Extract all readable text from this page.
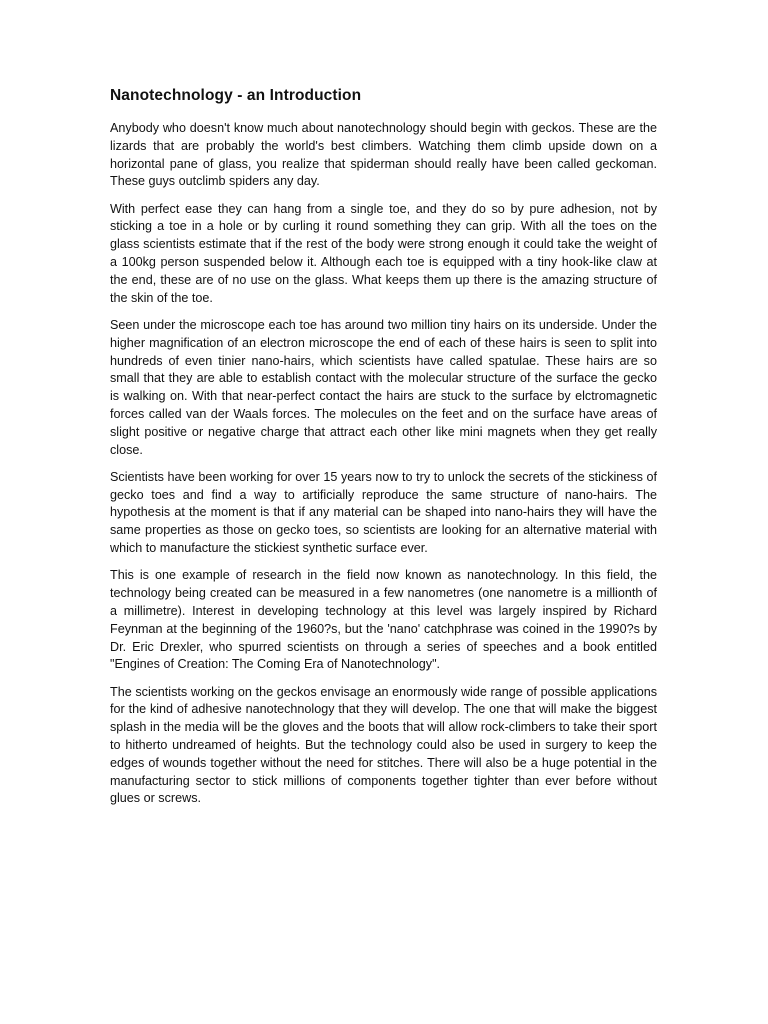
Nanotechnology - an Introduction

Anybody who doesn't know much about nanotechnology should begin with geckos. These are the lizards that are probably the world's best climbers. Watching them climb upside down on a horizontal pane of glass, you realize that spiderman should really have been called geckoman. These guys outclimb spiders any day.

With perfect ease they can hang from a single toe, and they do so by pure adhesion, not by sticking a toe in a hole or by curling it round something they can grip. With all the toes on the glass scientists estimate that if the rest of the body were strong enough it could take the weight of a 100kg person suspended below it. Although each toe is equipped with a tiny hook-like claw at the end, these are of no use on the glass. What keeps them up there is the amazing structure of the skin of the toe.

Seen under the microscope each toe has around two million tiny hairs on its underside. Under the higher magnification of an electron microscope the end of each of these hairs is seen to split into hundreds of even tinier nano-hairs, which scientists have called spatulae. These hairs are so small that they are able to establish contact with the molecular structure of the surface the gecko is walking on. With that near-perfect contact the hairs are stuck to the surface by elctromagnetic forces called van der Waals forces. The molecules on the feet and on the surface have areas of slight positive or negative charge that attract each other like mini magnets when they get really close.

Scientists have been working for over 15 years now to try to unlock the secrets of the stickiness of gecko toes and find a way to artificially reproduce the same structure of nano-hairs. The hypothesis at the moment is that if any material can be shaped into nano-hairs they will have the same properties as those on gecko toes, so scientists are looking for an alternative material with which to manufacture the stickiest synthetic surface ever.

This is one example of research in the field now known as nanotechnology. In this field, the technology being created can be measured in a few nanometres (one nanometre is a millionth of a millimetre). Interest in developing technology at this level was largely inspired by Richard Feynman at the beginning of the 1960?s, but the 'nano' catchphrase was coined in the 1990?s by Dr. Eric Drexler, who spurred scientists on through a series of speeches and a book entitled "Engines of Creation: The Coming Era of Nanotechnology".

The scientists working on the geckos envisage an enormously wide range of possible applications for the kind of adhesive nanotechnology that they will develop. The one that will make the biggest splash in the media will be the gloves and the boots that will allow rock-climbers to take their sport to hitherto undreamed of heights. But the technology could also be used in surgery to keep the edges of wounds together without the need for stitches. There will also be a huge potential in the manufacturing sector to stick millions of components together tighter than ever before without glues or screws.
